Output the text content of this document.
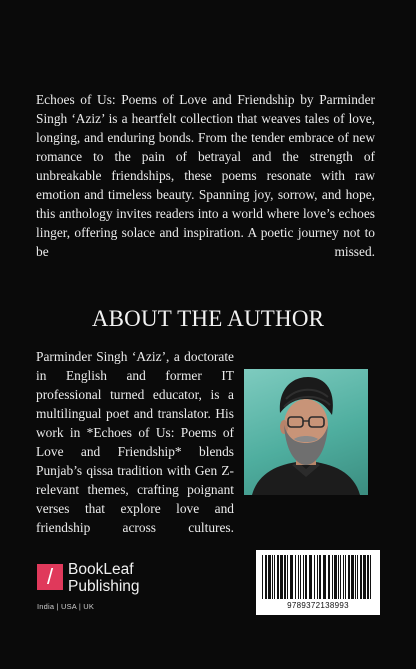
Echoes of Us: Poems of Love and Friendship by Parminder Singh ‘Aziz’ is a heartfelt collection that weaves tales of love, longing, and enduring bonds. From the tender embrace of new romance to the pain of betrayal and the strength of unbreakable friendships, these poems resonate with raw emotion and timeless beauty. Spanning joy, sorrow, and hope, this anthology invites readers into a world where love’s echoes linger, offering solace and inspiration. A poetic journey not to be missed.

ABOUT THE AUTHOR

Parminder Singh ‘Aziz’, a doctorate in English and former IT professional turned educator, is a multilingual poet and translator. His work in *Echoes of Us: Poems of Love and Friendship* blends Punjab’s qissa tradition with Gen Z-relevant themes, crafting poignant verses that explore love and friendship across cultures.

/ BookLeaf
Publishing
India | USA | UK	9789372138993
